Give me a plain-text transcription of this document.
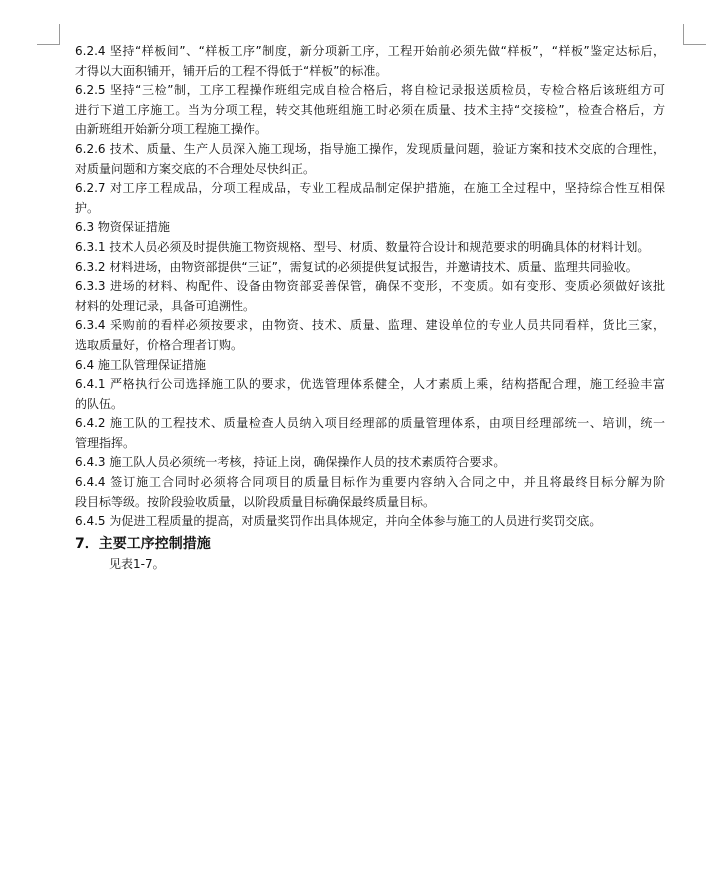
6.2.4 坚持“样板间”、“样板工序”制度，新分项新工序，工程开始前必须先做“样板”，“样板”鉴定达标后，
才得以大面积铺开，铺开后的工程不得低于“样板”的标准。
6.2.5 坚持“三检”制，工序工程操作班组完成自检合格后，将自检记录报送质检员，专检合格后该班组方可
进行下道工序施工。当为分项工程，转交其他班组施工时必须在质量、技术主持“交接检”，检查合格后，方
由新班组开始新分项工程施工操作。
6.2.6 技术、质量、生产人员深入施工现场，指导施工操作，发现质量问题，验证方案和技术交底的合理性，
对质量问题和方案交底的不合理处尽快纠正。
6.2.7 对工序工程成品，分项工程成品，专业工程成品制定保护措施，在施工全过程中，坚持综合性互相保
护。
6.3 物资保证措施
6.3.1 技术人员必须及时提供施工物资规格、型号、材质、数量符合设计和规范要求的明确具体的材料计划。
6.3.2 材料进场，由物资部提供“三证”，需复试的必须提供复试报告，并邀请技术、质量、监理共同验收。
6.3.3 进场的材料、构配件、设备由物资部妥善保管，确保不变形，不变质。如有变形、变质必须做好该批
材料的处理记录，具备可追溯性。
6.3.4 采购前的看样必须按要求，由物资、技术、质量、监理、建设单位的专业人员共同看样，货比三家，
选取质量好，价格合理者订购。
6.4 施工队管理保证措施
6.4.1 严格执行公司选择施工队的要求，优选管理体系健全，人才素质上乘，结构搭配合理，施工经验丰富
的队伍。
6.4.2 施工队的工程技术、质量检查人员纳入项目经理部的质量管理体系，由项目经理部统一、培训，统一
管理指挥。
6.4.3 施工队人员必须统一考核，持证上岗，确保操作人员的技术素质符合要求。
6.4.4 签订施工合同时必须将合同项目的质量目标作为重要内容纳入合同之中，并且将最终目标分解为阶
段目标等级。按阶段验收质量，以阶段质量目标确保最终质量目标。
6.4.5 为促进工程质量的提高，对质量奖罚作出具体规定，并向全体参与施工的人员进行奖罚交底。
7．主要工序控制措施
见表1-7。
